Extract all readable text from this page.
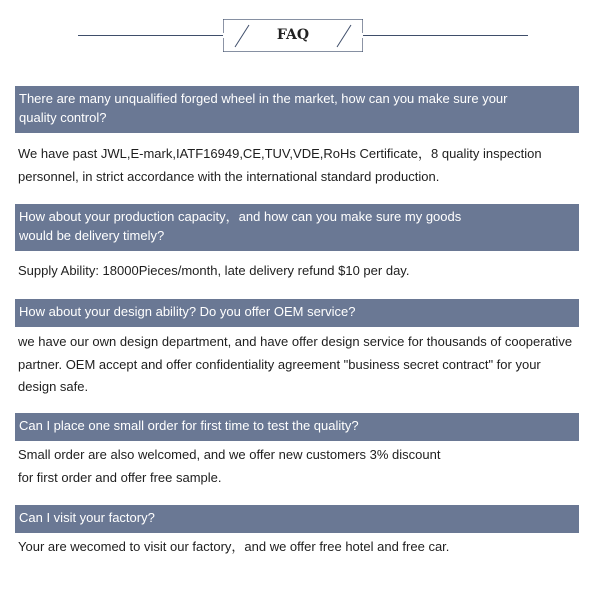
FAQ
There are many unqualified forged wheel in the market, how can you make sure your
quality control?
We have past JWL,E-mark,IATF16949,CE,TUV,VDE,RoHs Certificate，8 quality inspection
personnel, in strict accordance with the international standard production.
How about your production capacity，and how can you make sure my goods
would be delivery timely?
Supply Ability: 18000Pieces/month, late delivery refund $10 per day.
How about your design ability? Do you offer OEM service?
we have our own design department, and have offer design service for thousands of cooperative
partner. OEM accept and offer confidentiality agreement "business secret contract" for your
design safe.
Can I place one small order for first time to test the quality?
Small order are also welcomed, and we offer new customers 3% discount
for first order and offer free sample.
Can I visit your factory?
Your are wecomed to visit our factory，and we offer free hotel and free car.
